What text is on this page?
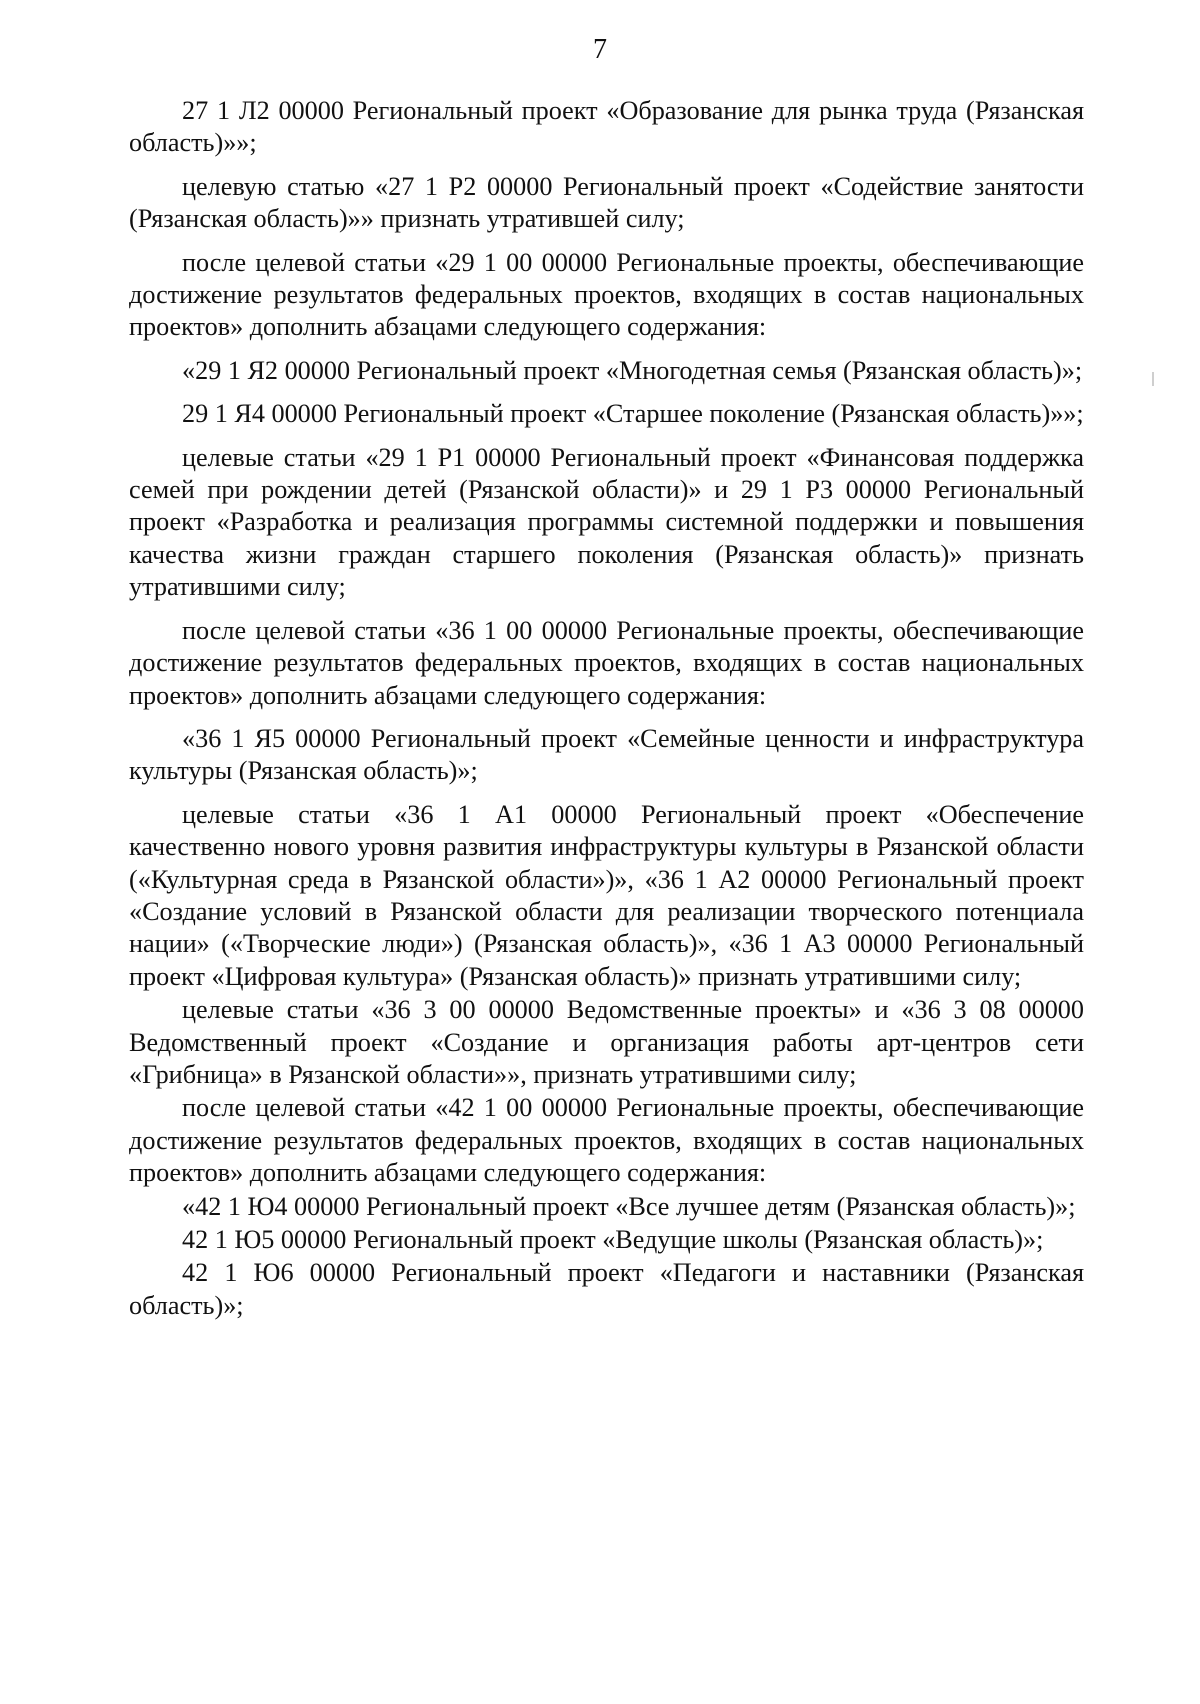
7

27 1 Л2 00000 Региональный проект «Образование для рынка труда (Рязанская область)»»;

целевую статью «27 1 Р2 00000 Региональный проект «Содействие занятости (Рязанская область)»» признать утратившей силу;

после целевой статьи «29 1 00 00000 Региональные проекты, обеспечивающие достижение результатов федеральных проектов, входящих в состав национальных проектов» дополнить абзацами следующего содержания:

«29 1 Я2 00000 Региональный проект «Многодетная семья (Рязанская область)»;

29 1 Я4 00000 Региональный проект «Старшее поколение (Рязанская область)»»;

целевые статьи «29 1 Р1 00000 Региональный проект «Финансовая поддержка семей при рождении детей (Рязанской области)» и 29 1 Р3 00000 Региональный проект «Разработка и реализация программы системной поддержки и повышения качества жизни граждан старшего поколения (Рязанская область)» признать утратившими силу;

после целевой статьи «36 1 00 00000 Региональные проекты, обеспечивающие достижение результатов федеральных проектов, входящих в состав национальных проектов» дополнить абзацами следующего содержания:

«36 1 Я5 00000 Региональный проект «Семейные ценности и инфраструктура культуры (Рязанская область)»;

целевые статьи «36 1 А1 00000 Региональный проект «Обеспечение качественно нового уровня развития инфраструктуры культуры в Рязанской области («Культурная среда в Рязанской области»)», «36 1 А2 00000 Региональный проект «Создание условий в Рязанской области для реализации творческого потенциала нации» («Творческие люди») (Рязанская область)», «36 1 А3 00000 Региональный проект «Цифровая культура» (Рязанская область)» признать утратившими силу;

целевые статьи «36 3 00 00000 Ведомственные проекты» и «36 3 08 00000 Ведомственный проект «Создание и организация работы арт-центров сети «Грибница» в Рязанской области»», признать утратившими силу;

после целевой статьи «42 1 00 00000 Региональные проекты, обеспечивающие достижение результатов федеральных проектов, входящих в состав национальных проектов» дополнить абзацами следующего содержания:

«42 1 Ю4 00000 Региональный проект «Все лучшее детям (Рязанская область)»;

42 1 Ю5 00000 Региональный проект «Ведущие школы (Рязанская область)»;

42 1 Ю6 00000 Региональный проект «Педагоги и наставники (Рязанская область)»;
